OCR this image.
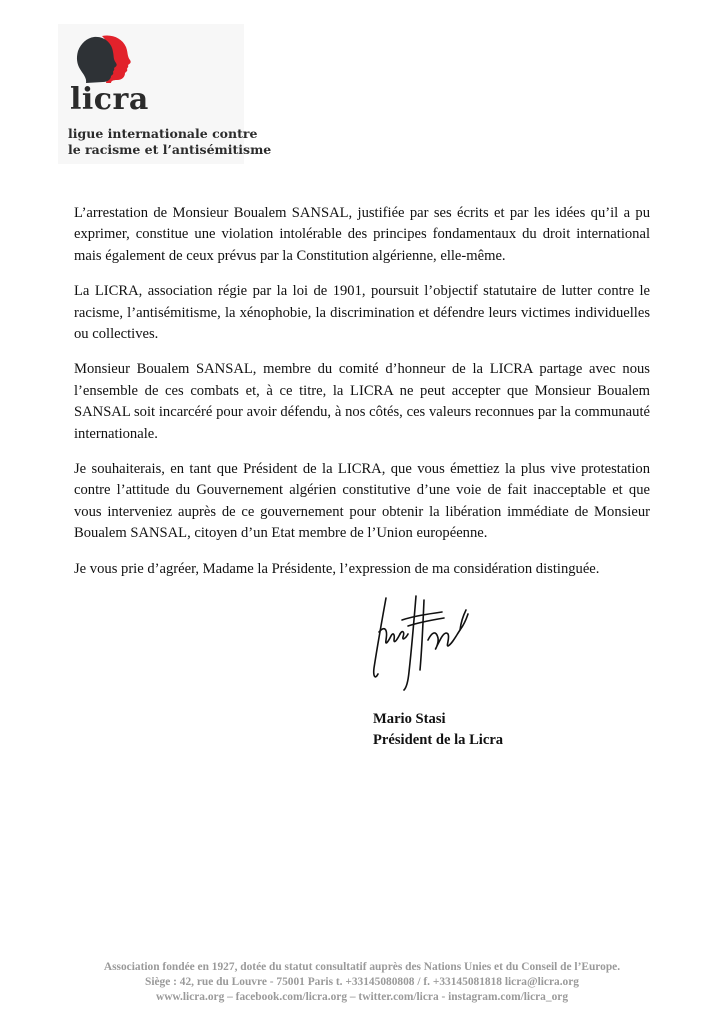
licra
ligue internationale contre
le racisme et l’antisémitisme

L’arrestation de Monsieur Boualem SANSAL, justifiée par ses écrits et par les idées qu’il a pu exprimer, constitue une violation intolérable des principes fondamentaux du droit international mais également de ceux prévus par la Constitution algérienne, elle-même.

La LICRA, association régie par la loi de 1901, poursuit l’objectif statutaire de lutter contre le racisme, l’antisémitisme, la xénophobie, la discrimination et défendre leurs victimes individuelles ou collectives.

Monsieur Boualem SANSAL, membre du comité d’honneur de la LICRA partage avec nous l’ensemble de ces combats et, à ce titre, la LICRA ne peut accepter que Monsieur Boualem SANSAL soit incarcéré pour avoir défendu, à nos côtés, ces valeurs reconnues par la communauté internationale.

Je souhaiterais, en tant que Président de la LICRA, que vous émettiez la plus vive protestation contre l’attitude du Gouvernement algérien constitutive d’une voie de fait inacceptable et que vous interveniez auprès de ce gouvernement pour obtenir la libération immédiate de Monsieur Boualem SANSAL, citoyen d’un Etat membre de l’Union européenne.

Je vous prie d’agréer, Madame la Présidente, l’expression de ma considération distinguée.

Mario Stasi
Président de la Licra
Association fondée en 1927, dotée du statut consultatif auprès des Nations Unies et du Conseil de l’Europe.
Siège : 42, rue du Louvre - 75001 Paris t. +33145080808 / f. +33145081818 licra@licra.org
www.licra.org – facebook.com/licra.org – twitter.com/licra - instagram.com/licra_org
